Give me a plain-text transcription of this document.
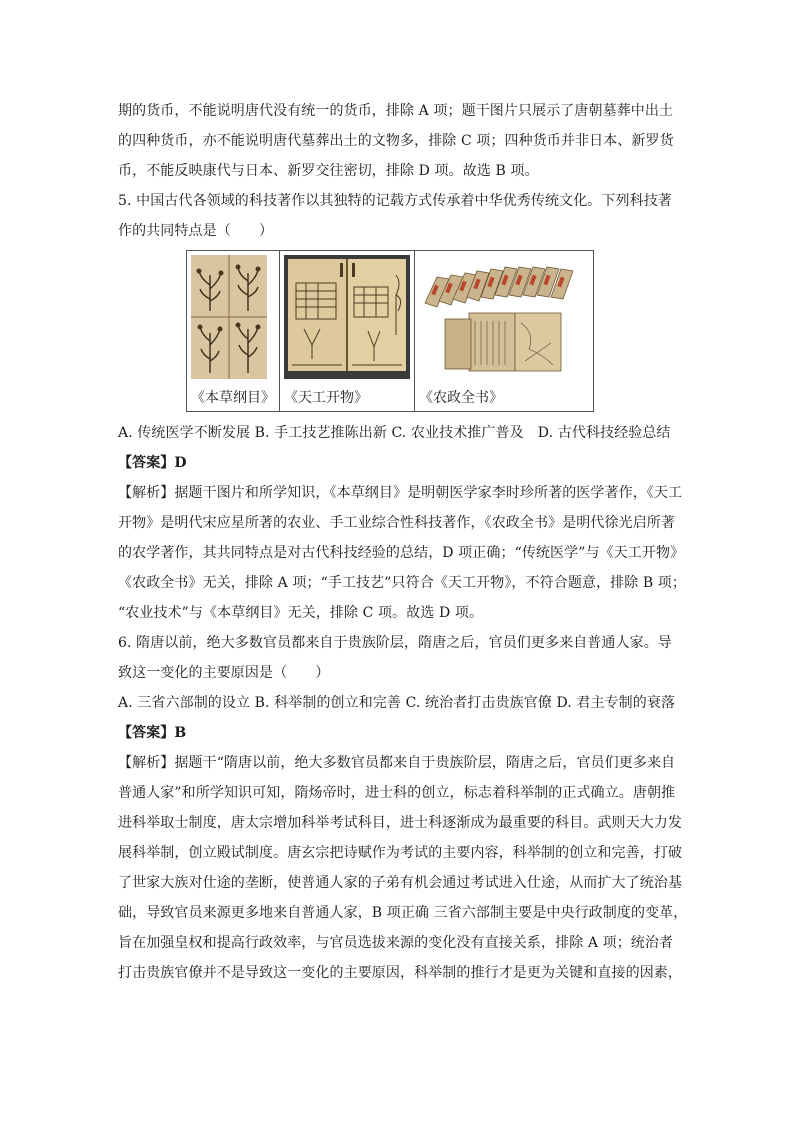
期的货币，不能说明唐代没有统一的货币，排除 A 项；题干图片只展示了唐朝墓葬中出土
的四种货币，亦不能说明唐代墓葬出土的文物多，排除 C 项；四种货币并非日本、新罗货
币，不能反映康代与日本、新罗交往密切，排除 D 项。故选 B 项。
5. 中国古代各领域的科技著作以其独特的记载方式传承着中华优秀传统文化。下列科技著
作的共同特点是（　　）
《本草纲目》	《天工开物》	《农政全书》
A. 传统医学不断发展 B. 手工技艺推陈出新 C. 农业技术推广普及　D. 古代科技经验总结
【答案】D
【解析】据题干图片和所学知识，《本草纲目》是明朝医学家李时珍所著的医学著作，《天工
开物》是明代宋应星所著的农业、手工业综合性科技著作，《农政全书》是明代徐光启所著
的农学著作，其共同特点是对古代科技经验的总结，D 项正确；“传统医学”与《天工开物》
《农政全书》无关，排除 A 项；“手工技艺”只符合《天工开物》，不符合题意，排除 B 项；
“农业技术”与《本草纲目》无关，排除 C 项。故选 D 项。
6. 隋唐以前，绝大多数官员都来自于贵族阶层，隋唐之后，官员们更多来自普通人家。导
致这一变化的主要原因是（　　）
A. 三省六部制的设立 B. 科举制的创立和完善 C. 统治者打击贵族官僚 D. 君主专制的衰落
【答案】B
【解析】据题干“隋唐以前，绝大多数官员都来自于贵族阶层，隋唐之后，官员们更多来自
普通人家”和所学知识可知，隋炀帝时，进士科的创立，标志着科举制的正式确立。唐朝推
进科举取士制度，唐太宗增加科举考试科目，进士科逐渐成为最重要的科目。武则天大力发
展科举制，创立殿试制度。唐玄宗把诗赋作为考试的主要内容，科举制的创立和完善，打破
了世家大族对仕途的垄断，使普通人家的子弟有机会通过考试进入仕途，从而扩大了统治基
础，导致官员来源更多地来自普通人家，B 项正确 三省六部制主要是中央行政制度的变革，
旨在加强皇权和提高行政效率，与官员选拔来源的变化没有直接关系，排除 A 项；统治者
打击贵族官僚并不是导致这一变化的主要原因，科举制的推行才是更为关键和直接的因素，
